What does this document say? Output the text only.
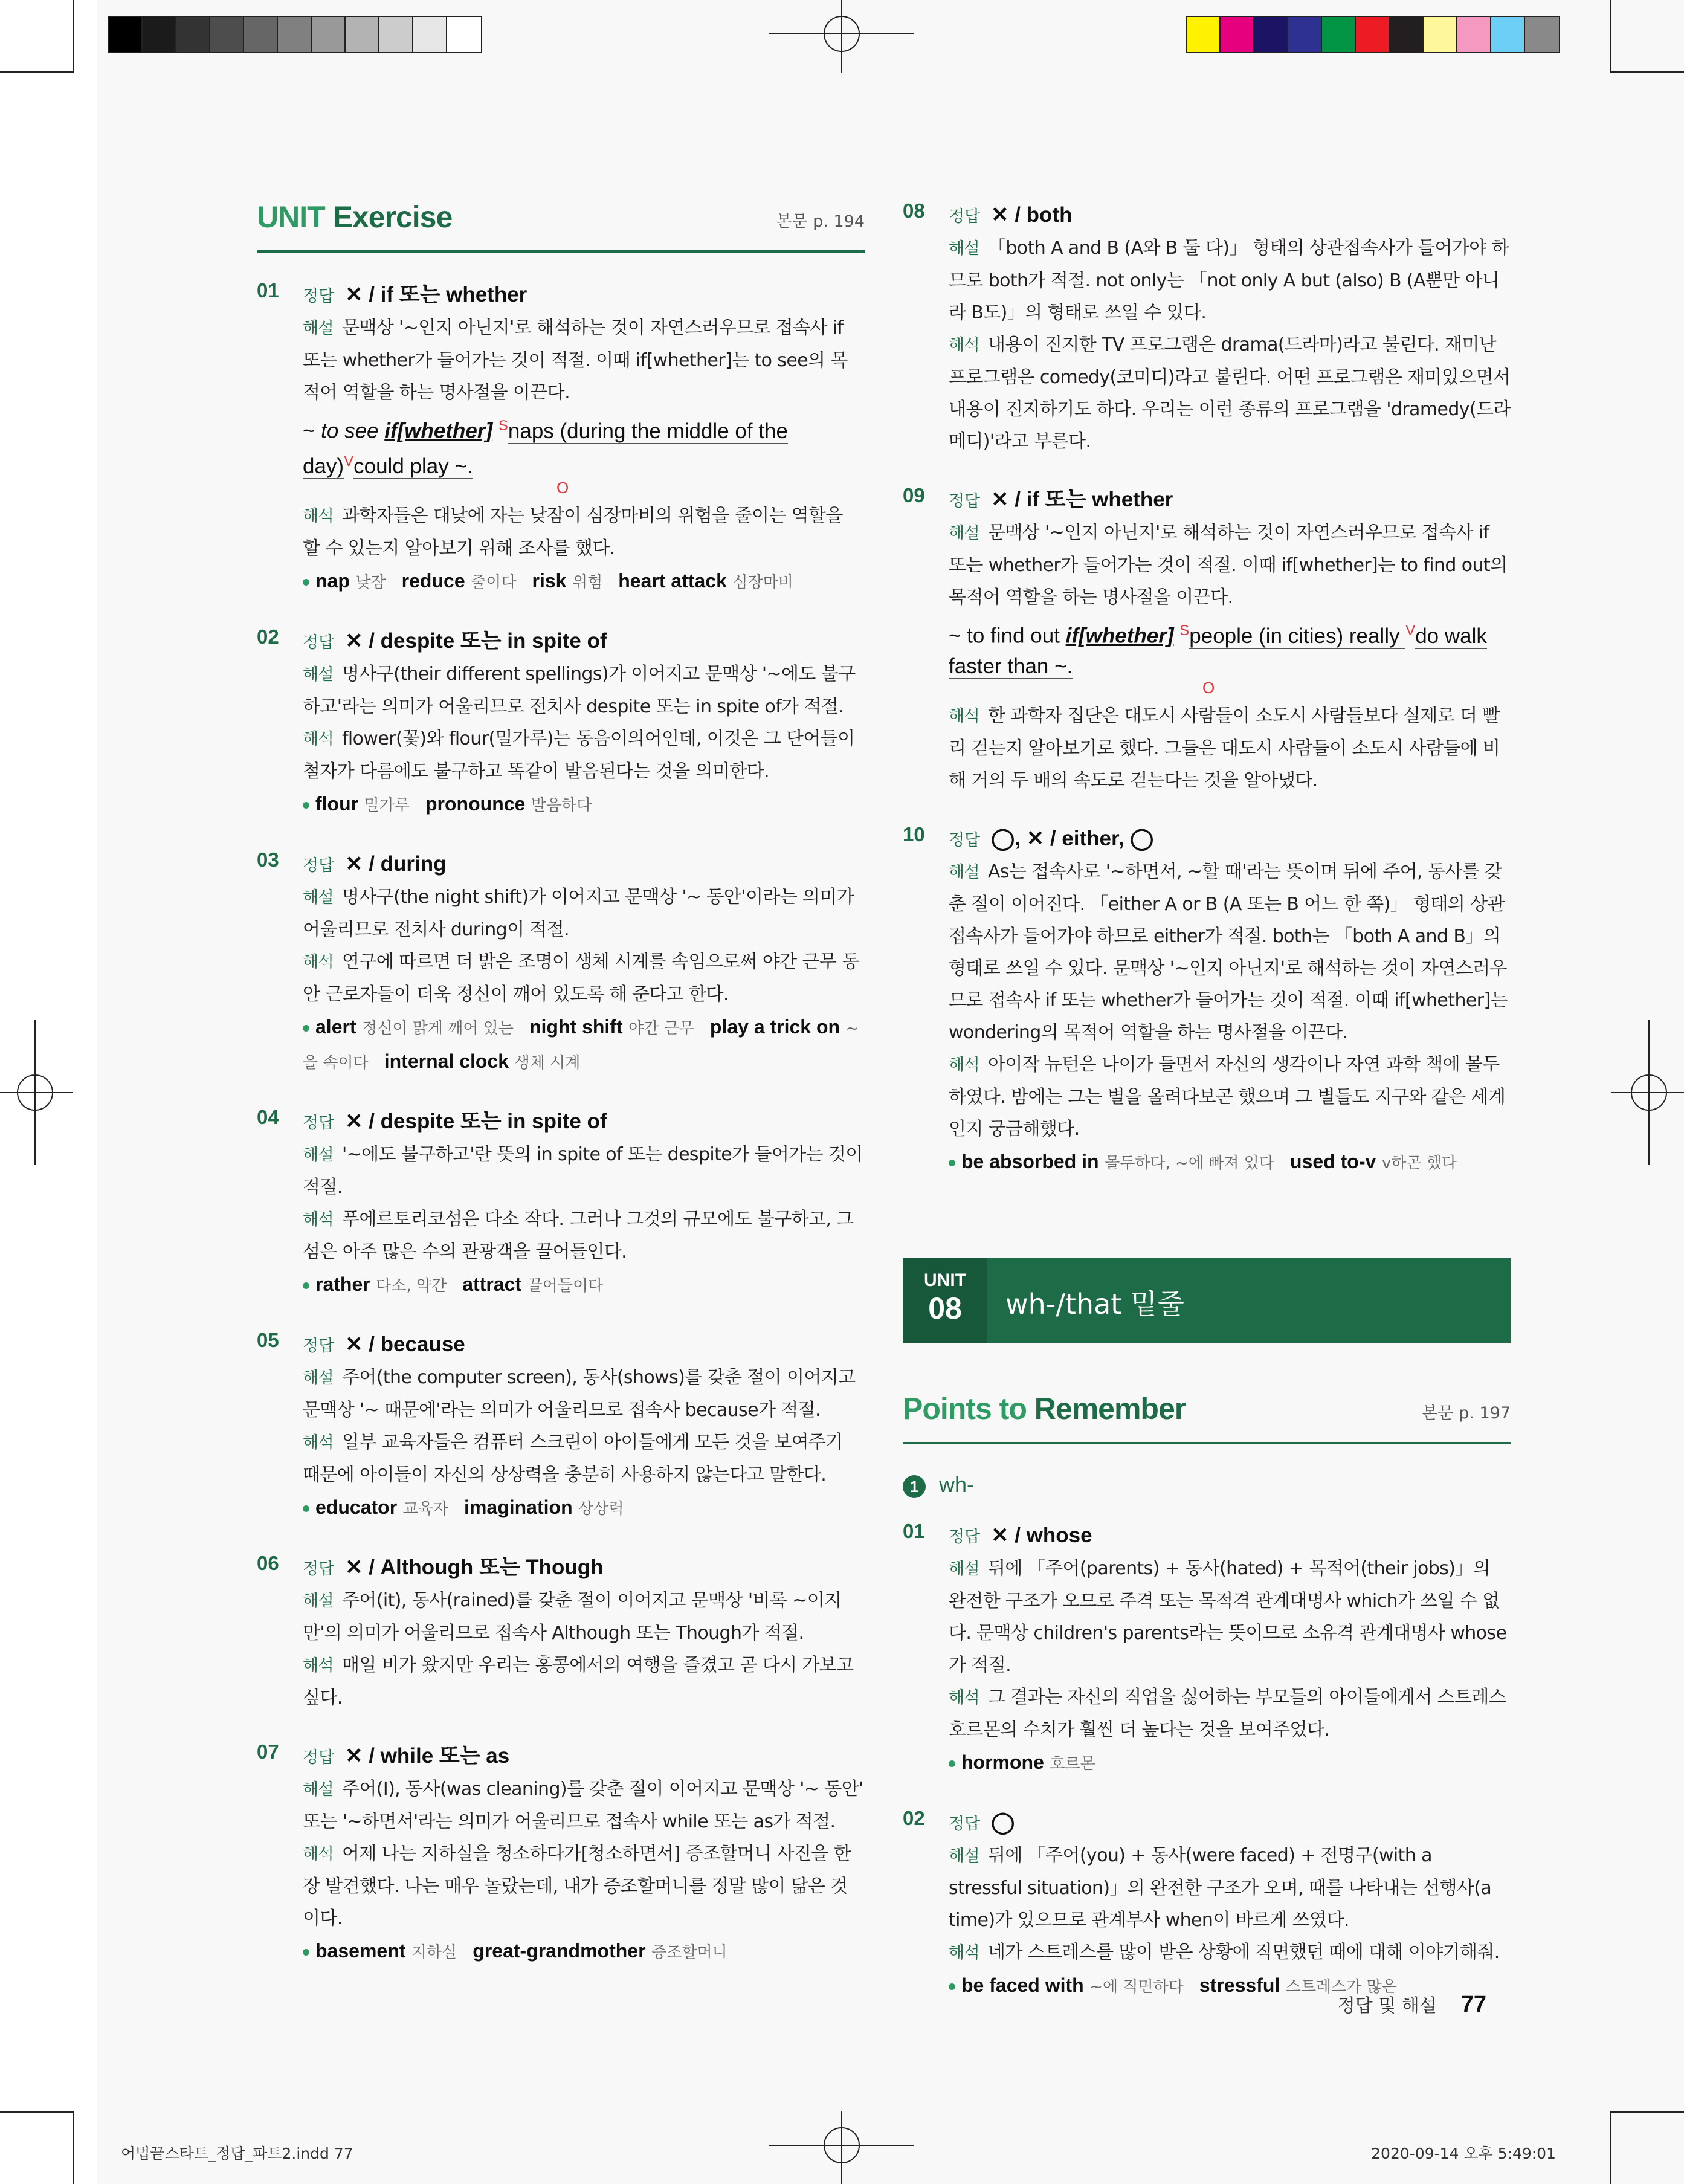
UNIT Exercise	본문 p. 194
01 정답 ✕ / if 또는 whether

해설 문맥상 '~인지 아닌지'로 해석하는 것이 자연스러우므로 접속사 if 또는 whether가 들어가는 것이 적절. 이때 if[whether]는 to see의 목적어 역할을 하는 명사절을 이끈다.

~ to see if[whether] $^S$naps (during the middle of the day)$^V$could play ~.
O

해석 과학자들은 대낮에 자는 낮잠이 심장마비의 위험을 줄이는 역할을 할 수 있는지 알아보기 위해 조사를 했다.

nap 낮잠 reduce 줄이다 risk 위험 heart attack 심장마비
02 정답 ✕ / despite 또는 in spite of

해설 명사구(their different spellings)가 이어지고 문맥상 '~에도 불구하고'라는 의미가 어울리므로 전치사 despite 또는 in spite of가 적절.

해석 flower(꽃)와 flour(밀가루)는 동음이의어인데, 이것은 그 단어들이 철자가 다름에도 불구하고 똑같이 발음된다는 것을 의미한다.

flour 밀가루 pronounce 발음하다
03 정답 ✕ / during

해설 명사구(the night shift)가 이어지고 문맥상 '~ 동안'이라는 의미가 어울리므로 전치사 during이 적절.

해석 연구에 따르면 더 밝은 조명이 생체 시계를 속임으로써 야간 근무 동안 근로자들이 더욱 정신이 깨어 있도록 해 준다고 한다.

alert 정신이 맑게 깨어 있는 night shift 야간 근무 play a trick on ~을 속이다 internal clock 생체 시계
04 정답 ✕ / despite 또는 in spite of

해설 '~에도 불구하고'란 뜻의 in spite of 또는 despite가 들어가는 것이 적절.

해석 푸에르토리코섬은 다소 작다. 그러나 그것의 규모에도 불구하고, 그 섬은 아주 많은 수의 관광객을 끌어들인다.

rather 다소, 약간 attract 끌어들이다
05 정답 ✕ / because

해설 주어(the computer screen), 동사(shows)를 갖춘 절이 이어지고 문맥상 '~ 때문에'라는 의미가 어울리므로 접속사 because가 적절.

해석 일부 교육자들은 컴퓨터 스크린이 아이들에게 모든 것을 보여주기 때문에 아이들이 자신의 상상력을 충분히 사용하지 않는다고 말한다.

educator 교육자 imagination 상상력
06 정답 ✕ / Although 또는 Though

해설 주어(it), 동사(rained)를 갖춘 절이 이어지고 문맥상 '비록 ~이지만'의 의미가 어울리므로 접속사 Although 또는 Though가 적절.

해석 매일 비가 왔지만 우리는 홍콩에서의 여행을 즐겼고 곧 다시 가보고 싶다.

07 정답 ✕ / while 또는 as

해설 주어(I), 동사(was cleaning)를 갖춘 절이 이어지고 문맥상 '~ 동안' 또는 '~하면서'라는 의미가 어울리므로 접속사 while 또는 as가 적절.

해석 어제 나는 지하실을 청소하다가[청소하면서] 증조할머니 사진을 한 장 발견했다. 나는 매우 놀랐는데, 내가 증조할머니를 정말 많이 닮은 것이다.

basement 지하실 great-grandmother 증조할머니
08 정답 ✕ / both

해설 「both A and B (A와 B 둘 다)」 형태의 상관접속사가 들어가야 하므로 both가 적절. not only는 「not only A but (also) B (A뿐만 아니라 B도)」의 형태로 쓰일 수 있다.

해석 내용이 진지한 TV 프로그램은 drama(드라마)라고 불린다. 재미난 프로그램은 comedy(코미디)라고 불린다. 어떤 프로그램은 재미있으면서 내용이 진지하기도 하다. 우리는 이런 종류의 프로그램을 'dramedy(드라메디)'라고 부른다.

09 정답 ✕ / if 또는 whether

해설 문맥상 '~인지 아닌지'로 해석하는 것이 자연스러우므로 접속사 if 또는 whether가 들어가는 것이 적절. 이때 if[whether]는 to find out의 목적어 역할을 하는 명사절을 이끈다.

~ to find out if[whether] $^S$people (in cities) really $^V$do walk faster than ~.
O

해석 한 과학자 집단은 대도시 사람들이 소도시 사람들보다 실제로 더 빨리 걷는지 알아보기로 했다. 그들은 대도시 사람들이 소도시 사람들에 비해 거의 두 배의 속도로 걷는다는 것을 알아냈다.

10 정답 ◯, ✕ / either, ◯

해설 As는 접속사로 '~하면서, ~할 때'라는 뜻이며 뒤에 주어, 동사를 갖춘 절이 이어진다. 「either A or B (A 또는 B 어느 한 쪽)」 형태의 상관접속사가 들어가야 하므로 either가 적절. both는 「both A and B」의 형태로 쓰일 수 있다. 문맥상 '~인지 아닌지'로 해석하는 것이 자연스러우므로 접속사 if 또는 whether가 들어가는 것이 적절. 이때 if[whether]는 wondering의 목적어 역할을 하는 명사절을 이끈다.

해석 아이작 뉴턴은 나이가 들면서 자신의 생각이나 자연 과학 책에 몰두하였다. 밤에는 그는 별을 올려다보곤 했으며 그 별들도 지구와 같은 세계인지 궁금해했다.

be absorbed in 몰두하다, ~에 빠져 있다 used to-v v하곤 했다
UNIT
08	wh-/that 밑줄
Points to Remember	본문 p. 197
1 wh-
01 정답 ✕ / whose

해설 뒤에 「주어(parents) + 동사(hated) + 목적어(their jobs)」의 완전한 구조가 오므로 주격 또는 목적격 관계대명사 which가 쓰일 수 없다. 문맥상 children's parents라는 뜻이므로 소유격 관계대명사 whose가 적절.

해석 그 결과는 자신의 직업을 싫어하는 부모들의 아이들에게서 스트레스 호르몬의 수치가 훨씬 더 높다는 것을 보여주었다.

hormone 호르몬
02 정답 ◯

해설 뒤에 「주어(you) + 동사(were faced) + 전명구(with a stressful situation)」의 완전한 구조가 오며, 때를 나타내는 선행사(a time)가 있으므로 관계부사 when이 바르게 쓰였다.

해석 네가 스트레스를 많이 받은 상황에 직면했던 때에 대해 이야기해줘.

be faced with ~에 직면하다 stressful 스트레스가 많은
정답 및 해설 77
어법끝스타트_정답_파트2.indd 77	2020-09-14 오후 5:49:01
